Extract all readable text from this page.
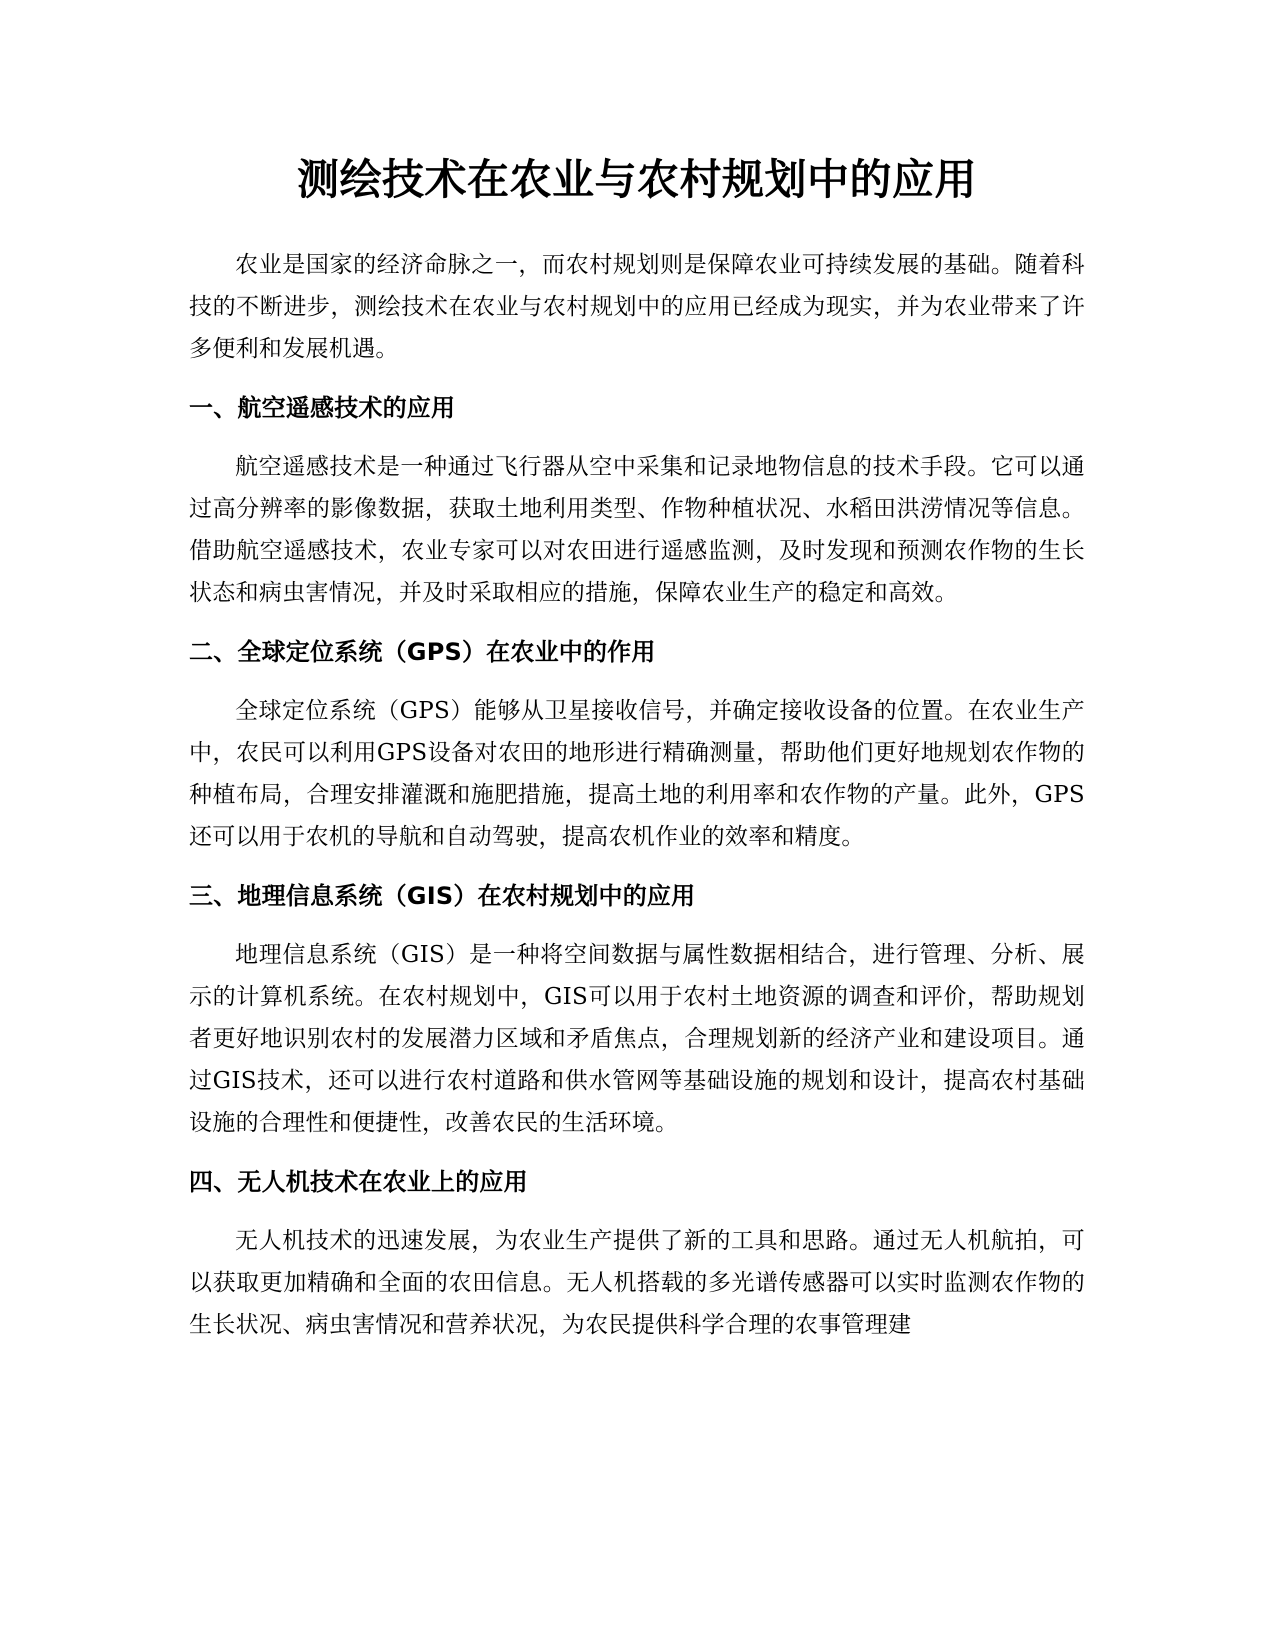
测绘技术在农业与农村规划中的应用

农业是国家的经济命脉之一，而农村规划则是保障农业可持续发展的基础。随着科技的不断进步，测绘技术在农业与农村规划中的应用已经成为现实，并为农业带来了许多便利和发展机遇。

一、航空遥感技术的应用

航空遥感技术是一种通过飞行器从空中采集和记录地物信息的技术手段。它可以通过高分辨率的影像数据，获取土地利用类型、作物种植状况、水稻田洪涝情况等信息。借助航空遥感技术，农业专家可以对农田进行遥感监测，及时发现和预测农作物的生长状态和病虫害情况，并及时采取相应的措施，保障农业生产的稳定和高效。

二、全球定位系统（GPS）在农业中的作用

全球定位系统（GPS）能够从卫星接收信号，并确定接收设备的位置。在农业生产中，农民可以利用GPS设备对农田的地形进行精确测量，帮助他们更好地规划农作物的种植布局，合理安排灌溉和施肥措施，提高土地的利用率和农作物的产量。此外，GPS还可以用于农机的导航和自动驾驶，提高农机作业的效率和精度。

三、地理信息系统（GIS）在农村规划中的应用

地理信息系统（GIS）是一种将空间数据与属性数据相结合，进行管理、分析、展示的计算机系统。在农村规划中，GIS可以用于农村土地资源的调查和评价，帮助规划者更好地识别农村的发展潜力区域和矛盾焦点，合理规划新的经济产业和建设项目。通过GIS技术，还可以进行农村道路和供水管网等基础设施的规划和设计，提高农村基础设施的合理性和便捷性，改善农民的生活环境。

四、无人机技术在农业上的应用

无人机技术的迅速发展，为农业生产提供了新的工具和思路。通过无人机航拍，可以获取更加精确和全面的农田信息。无人机搭载的多光谱传感器可以实时监测农作物的生长状况、病虫害情况和营养状况，为农民提供科学合理的农事管理建
